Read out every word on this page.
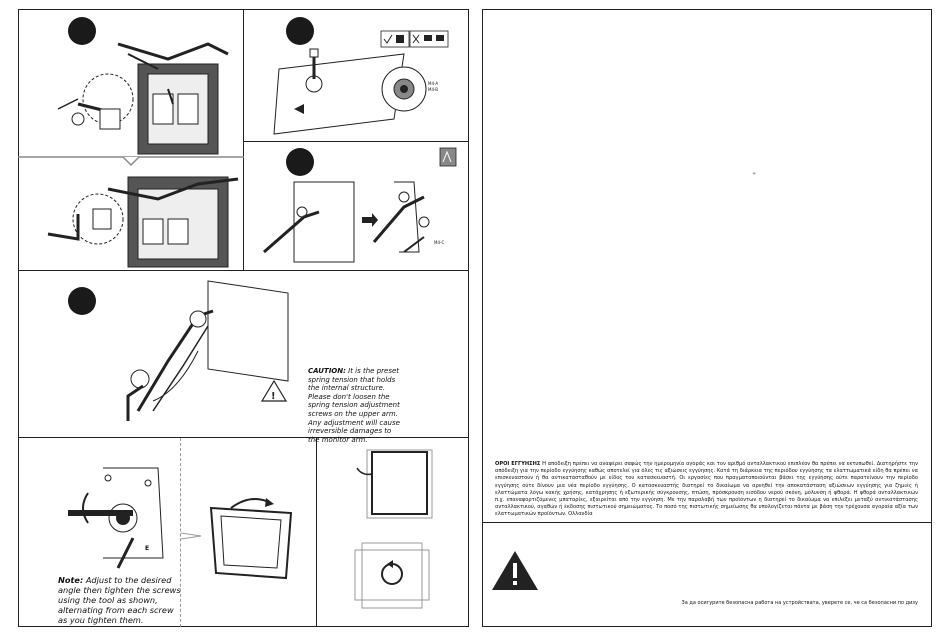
M4-A
M4-B
M4-C
!
CAUTION: It is the preset spring tension that holds the internal structure. Please don't loosen the spring tension adjustment screws on the upper arm. Any adjustment will cause irreversible damages to the monitor arm.
E
Note: Adjust to the desired angle then tighten the screws using the tool as shown, alternating from each screw as you tighten them.
"
ΟΡΟΙ ΕΓΓΥΗΣΗΣ Η απόδειξη πρέπει να αναφέρει σαφώς την ημερομηνία αγοράς και τον αριθμό ανταλλακτικού επιπλέον θα πρέπει να εκτυπωθεί. Διατηρήστε την απόδειξη για την περίοδο εγγύησης καθώς αποτελεί για όλες τις αξιώσεις εγγύησης. Κατά τη διάρκεια της περιόδου εγγύησης τα ελαττωματικά είδη θα πρέπει να επισκευαστούν ή θα αντικατασταθούν με είδος του κατασκευαστή. Οι εργασίες που πραγματοποιούνται βάσει της εγγύησης ούτε παρατείνουν την περίοδο εγγύησης ούτε δίνουν μια νέα περίοδο εγγύησης. Ο κατασκευαστής διατηρεί το δικαίωμα να αρνηθεί την αποκατάσταση αξιώσεων εγγύησης για ζημιές ή ελαττώματα λόγω κακής χρήσης, κατάχρησης ή εξωτερικής σύγκρουσης, πτώση, πρόσκρουση εισόδου νερού σκόνη, μόλυνση ή φθορά. Η φθορά ανταλλακτικών π.χ. επαναφορτιζόμενες μπαταρίες, εξαιρείται από την εγγύηση. Με την παραλαβή των προϊόντων η διατηρεί το δικαίωμα να επιλέξει μεταξύ αντικατάστασης ανταλλακτικού, αγαθών ή έκδοσης πιστωτικού σημειώματος. Το ποσό της πιστωτικής σημείωσης θα υπολογίζεται πάντα με βάση την τρέχουσα αγοραία αξία των ελαττωματικών προϊόντων. Ολλανδία
За да осигурите безопасна работа на устройствата, уверете се, че са безопасни по дизу
